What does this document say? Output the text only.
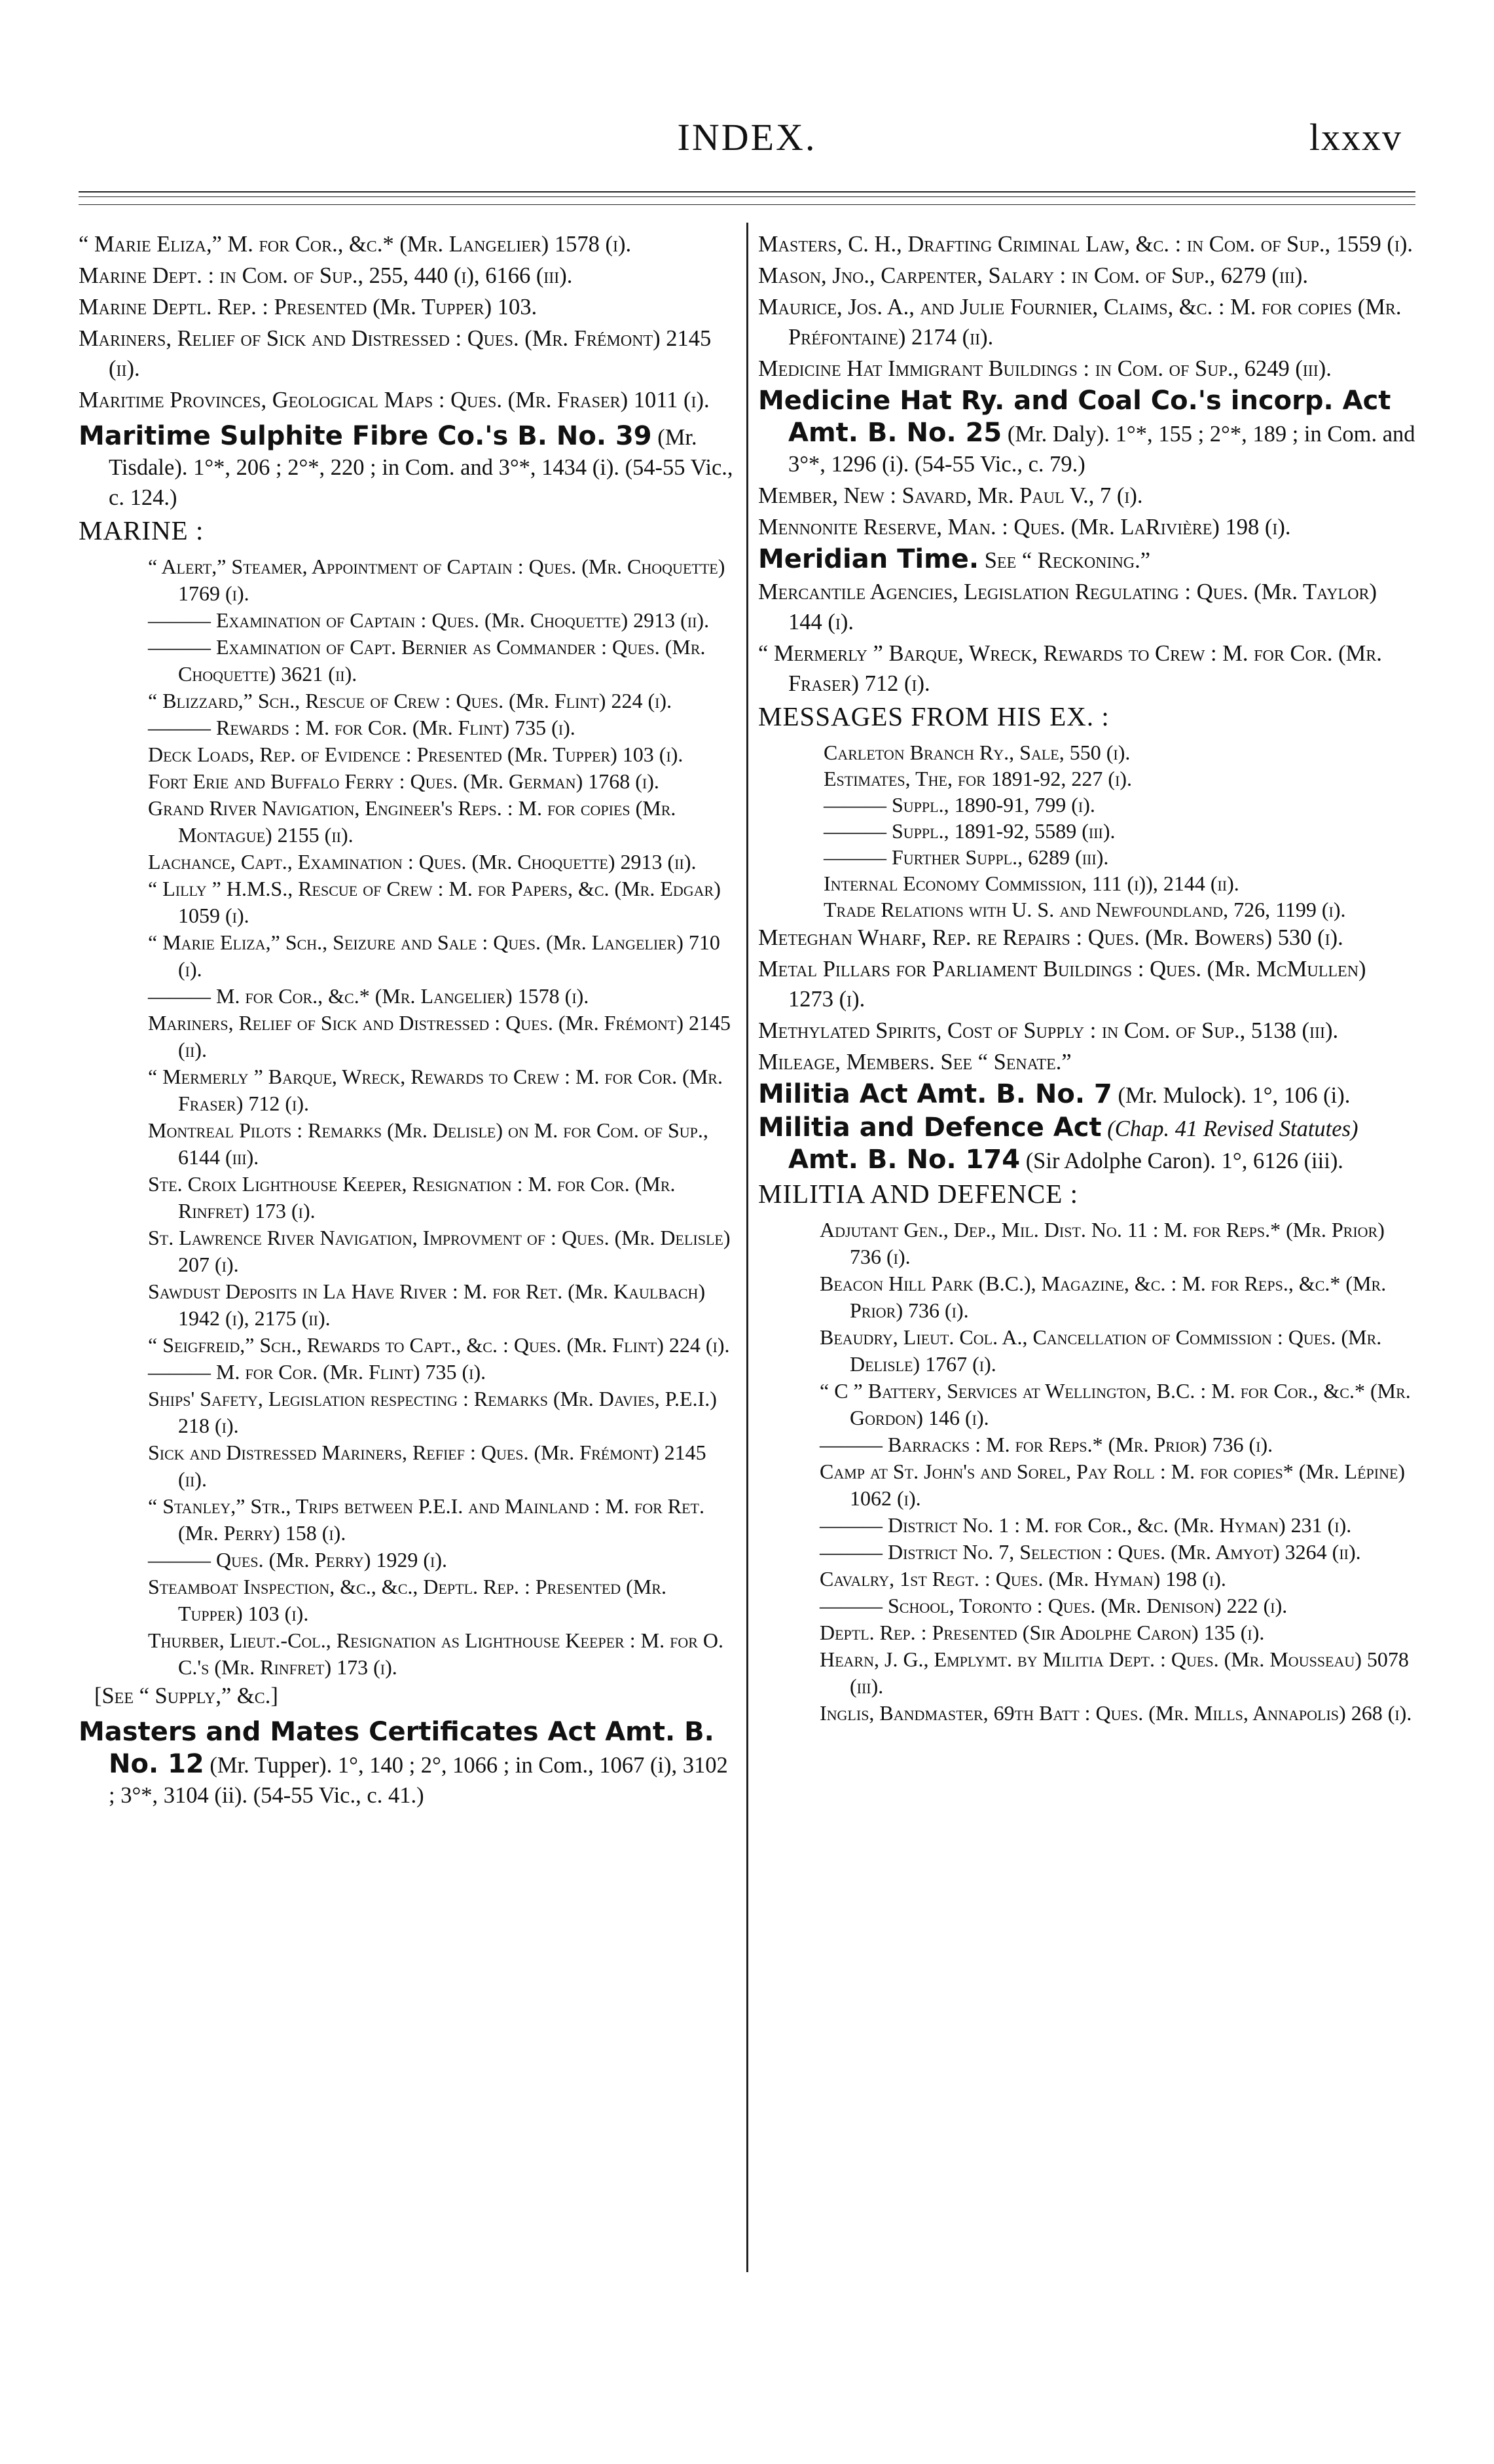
INDEX.	lxxxv

“ Marie Eliza,” M. for Cor., &c.* (Mr. Langelier) 1578 (i).

Marine Dept. : in Com. of Sup., 255, 440 (i), 6166 (iii).

Marine Deptl. Rep. : Presented (Mr. Tupper) 103.

Mariners, Relief of Sick and Distressed : Ques. (Mr. Frémont) 2145 (ii).

Maritime Provinces, Geological Maps : Ques. (Mr. Fraser) 1011 (i).

Maritime Sulphite Fibre Co.'s B. No. 39 (Mr. Tisdale). 1°*, 206 ; 2°*, 220 ; in Com. and 3°*, 1434 (i). (54-55 Vic., c. 124.)

MARINE :

“ Alert,” Steamer, Appointment of Captain : Ques. (Mr. Choquette) 1769 (i).

——— Examination of Captain : Ques. (Mr. Choquette) 2913 (ii).

——— Examination of Capt. Bernier as Commander : Ques. (Mr. Choquette) 3621 (ii).

“ Blizzard,” Sch., Rescue of Crew : Ques. (Mr. Flint) 224 (i).

——— Rewards : M. for Cor. (Mr. Flint) 735 (i).

Deck Loads, Rep. of Evidence : Presented (Mr. Tupper) 103 (i).

Fort Erie and Buffalo Ferry : Ques. (Mr. German) 1768 (i).

Grand River Navigation, Engineer's Reps. : M. for copies (Mr. Montague) 2155 (ii).

Lachance, Capt., Examination : Ques. (Mr. Choquette) 2913 (ii).

“ Lilly ” H.M.S., Rescue of Crew : M. for Papers, &c. (Mr. Edgar) 1059 (i).

“ Marie Eliza,” Sch., Seizure and Sale : Ques. (Mr. Langelier) 710 (i).

——— M. for Cor., &c.* (Mr. Langelier) 1578 (i).

Mariners, Relief of Sick and Distressed : Ques. (Mr. Frémont) 2145 (ii).

“ Mermerly ” Barque, Wreck, Rewards to Crew : M. for Cor. (Mr. Fraser) 712 (i).

Montreal Pilots : Remarks (Mr. Delisle) on M. for Com. of Sup., 6144 (iii).

Ste. Croix Lighthouse Keeper, Resignation : M. for Cor. (Mr. Rinfret) 173 (i).

St. Lawrence River Navigation, Improvment of : Ques. (Mr. Delisle) 207 (i).

Sawdust Deposits in La Have River : M. for Ret. (Mr. Kaulbach) 1942 (i), 2175 (ii).

“ Seigfreid,” Sch., Rewards to Capt., &c. : Ques. (Mr. Flint) 224 (i).

——— M. for Cor. (Mr. Flint) 735 (i).

Ships' Safety, Legislation respecting : Remarks (Mr. Davies, P.E.I.) 218 (i).

Sick and Distressed Mariners, Refief : Ques. (Mr. Frémont) 2145 (ii).

“ Stanley,” Str., Trips between P.E.I. and Mainland : M. for Ret. (Mr. Perry) 158 (i).

——— Ques. (Mr. Perry) 1929 (i).

Steamboat Inspection, &c., &c., Deptl. Rep. : Presented (Mr. Tupper) 103 (i).

Thurber, Lieut.-Col., Resignation as Lighthouse Keeper : M. for O. C.'s (Mr. Rinfret) 173 (i).

[See “ Supply,” &c.]

Masters and Mates Certificates Act Amt. B. No. 12 (Mr. Tupper). 1°, 140 ; 2°, 1066 ; in Com., 1067 (i), 3102 ; 3°*, 3104 (ii). (54-55 Vic., c. 41.)

Masters, C. H., Drafting Criminal Law, &c. : in Com. of Sup., 1559 (i).

Mason, Jno., Carpenter, Salary : in Com. of Sup., 6279 (iii).

Maurice, Jos. A., and Julie Fournier, Claims, &c. : M. for copies (Mr. Préfontaine) 2174 (ii).

Medicine Hat Immigrant Buildings : in Com. of Sup., 6249 (iii).

Medicine Hat Ry. and Coal Co.'s incorp. Act Amt. B. No. 25 (Mr. Daly). 1°*, 155 ; 2°*, 189 ; in Com. and 3°*, 1296 (i). (54-55 Vic., c. 79.)

Member, New : Savard, Mr. Paul V., 7 (i).

Mennonite Reserve, Man. : Ques. (Mr. LaRivière) 198 (i).

Meridian Time. See “ Reckoning.”

Mercantile Agencies, Legislation Regulating : Ques. (Mr. Taylor) 144 (i).

“ Mermerly ” Barque, Wreck, Rewards to Crew : M. for Cor. (Mr. Fraser) 712 (i).

MESSAGES FROM HIS EX. :

Carleton Branch Ry., Sale, 550 (i).

Estimates, The, for 1891-92, 227 (i).

——— Suppl., 1890-91, 799 (i).

——— Suppl., 1891-92, 5589 (iii).

——— Further Suppl., 6289 (iii).

Internal Economy Commission, 111 (i)), 2144 (ii).

Trade Relations with U. S. and Newfoundland, 726, 1199 (i).

Meteghan Wharf, Rep. re Repairs : Ques. (Mr. Bowers) 530 (i).

Metal Pillars for Parliament Buildings : Ques. (Mr. McMullen) 1273 (i).

Methylated Spirits, Cost of Supply : in Com. of Sup., 5138 (iii).

Mileage, Members. See “ Senate.”

Militia Act Amt. B. No. 7 (Mr. Mulock). 1°, 106 (i).

Militia and Defence Act (Chap. 41 Revised Statutes) Amt. B. No. 174 (Sir Adolphe Caron). 1°, 6126 (iii).

MILITIA AND DEFENCE :

Adjutant Gen., Dep., Mil. Dist. No. 11 : M. for Reps.* (Mr. Prior) 736 (i).

Beacon Hill Park (B.C.), Magazine, &c. : M. for Reps., &c.* (Mr. Prior) 736 (i).

Beaudry, Lieut. Col. A., Cancellation of Commission : Ques. (Mr. Delisle) 1767 (i).

“ C ” Battery, Services at Wellington, B.C. : M. for Cor., &c.* (Mr. Gordon) 146 (i).

——— Barracks : M. for Reps.* (Mr. Prior) 736 (i).

Camp at St. John's and Sorel, Pay Roll : M. for copies* (Mr. Lépine) 1062 (i).

——— District No. 1 : M. for Cor., &c. (Mr. Hyman) 231 (i).

——— District No. 7, Selection : Ques. (Mr. Amyot) 3264 (ii).

Cavalry, 1st Regt. : Ques. (Mr. Hyman) 198 (i).

——— School, Toronto : Ques. (Mr. Denison) 222 (i).

Deptl. Rep. : Presented (Sir Adolphe Caron) 135 (i).

Hearn, J. G., Emplymt. by Militia Dept. : Ques. (Mr. Mousseau) 5078 (iii).

Inglis, Bandmaster, 69th Batt : Ques. (Mr. Mills, Annapolis) 268 (i).
